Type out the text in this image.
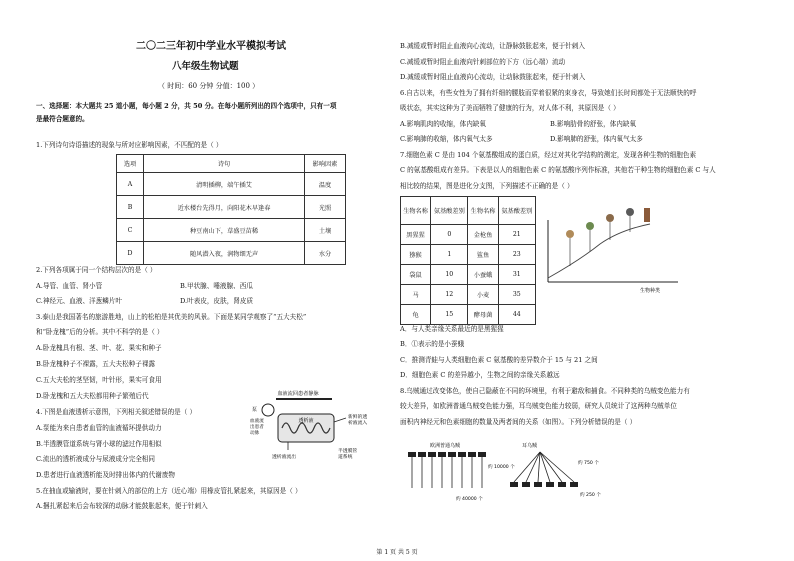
二〇二三年初中学业水平模拟考试
八年级生物试题
（ 时间：60 分钟 分值：100 ）
一、选择题：本大题共 25 道小题，每小题 2 分，共 50 分。在每小题所列出的四个选项中，只有一项
是最符合题意的。
1.下列诗句诗语描述的现象与所对应影响因素，不匹配的是（ ）
选项	诗句	影响因素
A	清明插柳，端午插艾	温度
B	近水楼台先得月，向阳花木早逢春	光照
C	种豆南山下，草盛豆苗稀	土壤
D	随风潜入夜，润物细无声	水分
2.下列各项属于同一个结构层次的是（ ）
A.导管、血管、肾小管	B.甲状腺、唾液腺、西瓜
C.神经元、血液、洋葱鳞片叶	D.叶表皮，皮肤，肾皮质
3.泰山是我国著名的旅游胜地，山上的松柏是其优美的风景。下面是某同学观察了“五大夫松”
和“卧龙槐”后的分析。其中不科学的是（ ）
A.卧龙槐具有根、茎、叶、花、果实和种子
B.卧龙槐种子不裸露，五大夫松种子裸露
C.五大夫松的茎坚韧，叶针形，果实可食用
D.卧龙槐和五大夫松都用种子繁殖后代
4.下图是血液透析示意图，下列相关叙述错误的是（ ）
A.泵能为来自患者血管的血液循环提供动力
B.半透膜管道系统与肾小球的滤过作用相似
C.流出的透析液成分与尿液成分完全相同
D.患者进行血液透析能及时排出体内的代谢废物
血液流回患者静脉
泵
血液流
出患者
动脉
透析液
新鲜的透
析液流入
透析液流出
半透膜管
道系统
5.在抽血或输液时，要在针刺入的部位的上方（近心端）用橡皮管扎紧起来，其原因是（ ）
A.捆扎紧起来后会布较深的动脉才能鼓胀起来，便于针刺入
B.减缓或暂时阻止血液向心流动，让静脉鼓胀起来，便于针刺入
C.减缓或暂时阻止血液向针刺部位的下方（远心端）流动
D.减缓或暂时阻止血液向心流动，让动脉鼓胀起来，便于针刺入
6.自古以来，有些女性为了拥有纤细的腰肢而穿着很紧的束身衣，导致她们长时间都处于无法顺快的呼
吸状态，其实这种为了美而牺牲了健康的行为，对人体不利，其原因是（ ）
A.影响肌肉的收缩，体内缺氧	B.影响肋骨的舒张，体内缺氧
C.影响肺的收缩，体内氧气太多	D.影响肺的舒张，体内氧气太多
7.细胞色素 C 是由 104 个氨基酸组成的蛋白质，经过对其化学结构的测定，发现各种生物的细胞色素
C 的氨基酸组成有差异。下表是以人的细胞色素 C 的氨基酸序列作标准，其他若干种生物的细胞色素 C 与人
相比较的结果，图是进化分支图，下列描述不正确的是（ ）
生物名称	氨基酸差别	生物名称	氨基酸差别
黑猩猩	0	金枪鱼	21
猕猴	1	鲨鱼	23
袋鼠	10	小蚕蛾	31
马	12	小麦	35
龟	15	酵母菌	44
生物种类
A．与人类亲缘关系最近的是黑猩猩
B．①表示的是小蚕蛾
C．推测青蛙与人类细胞色素 C 氨基酸的差异数介于 15 与 21 之间
D．细胞色素 C 的差异越小，生物之间的亲缘关系越远
8.乌贼通过改变体色，使自己隐蔽在不同的环境里，有利于避敌和捕食。不同种类的乌贼变色能力有
较大差异，如欧洲普通乌贼变色能力强，耳乌贼变色能力较弱，研究人员统计了这两种乌贼单位
面积内神经元和色素细胞的数量及两者间的关系（如图）。下列分析错误的是（ ）
欧洲普通乌贼	耳乌贼
约 10000 个
约 40000 个
约 750 个
约 250 个
第 1 页 共 5 页
